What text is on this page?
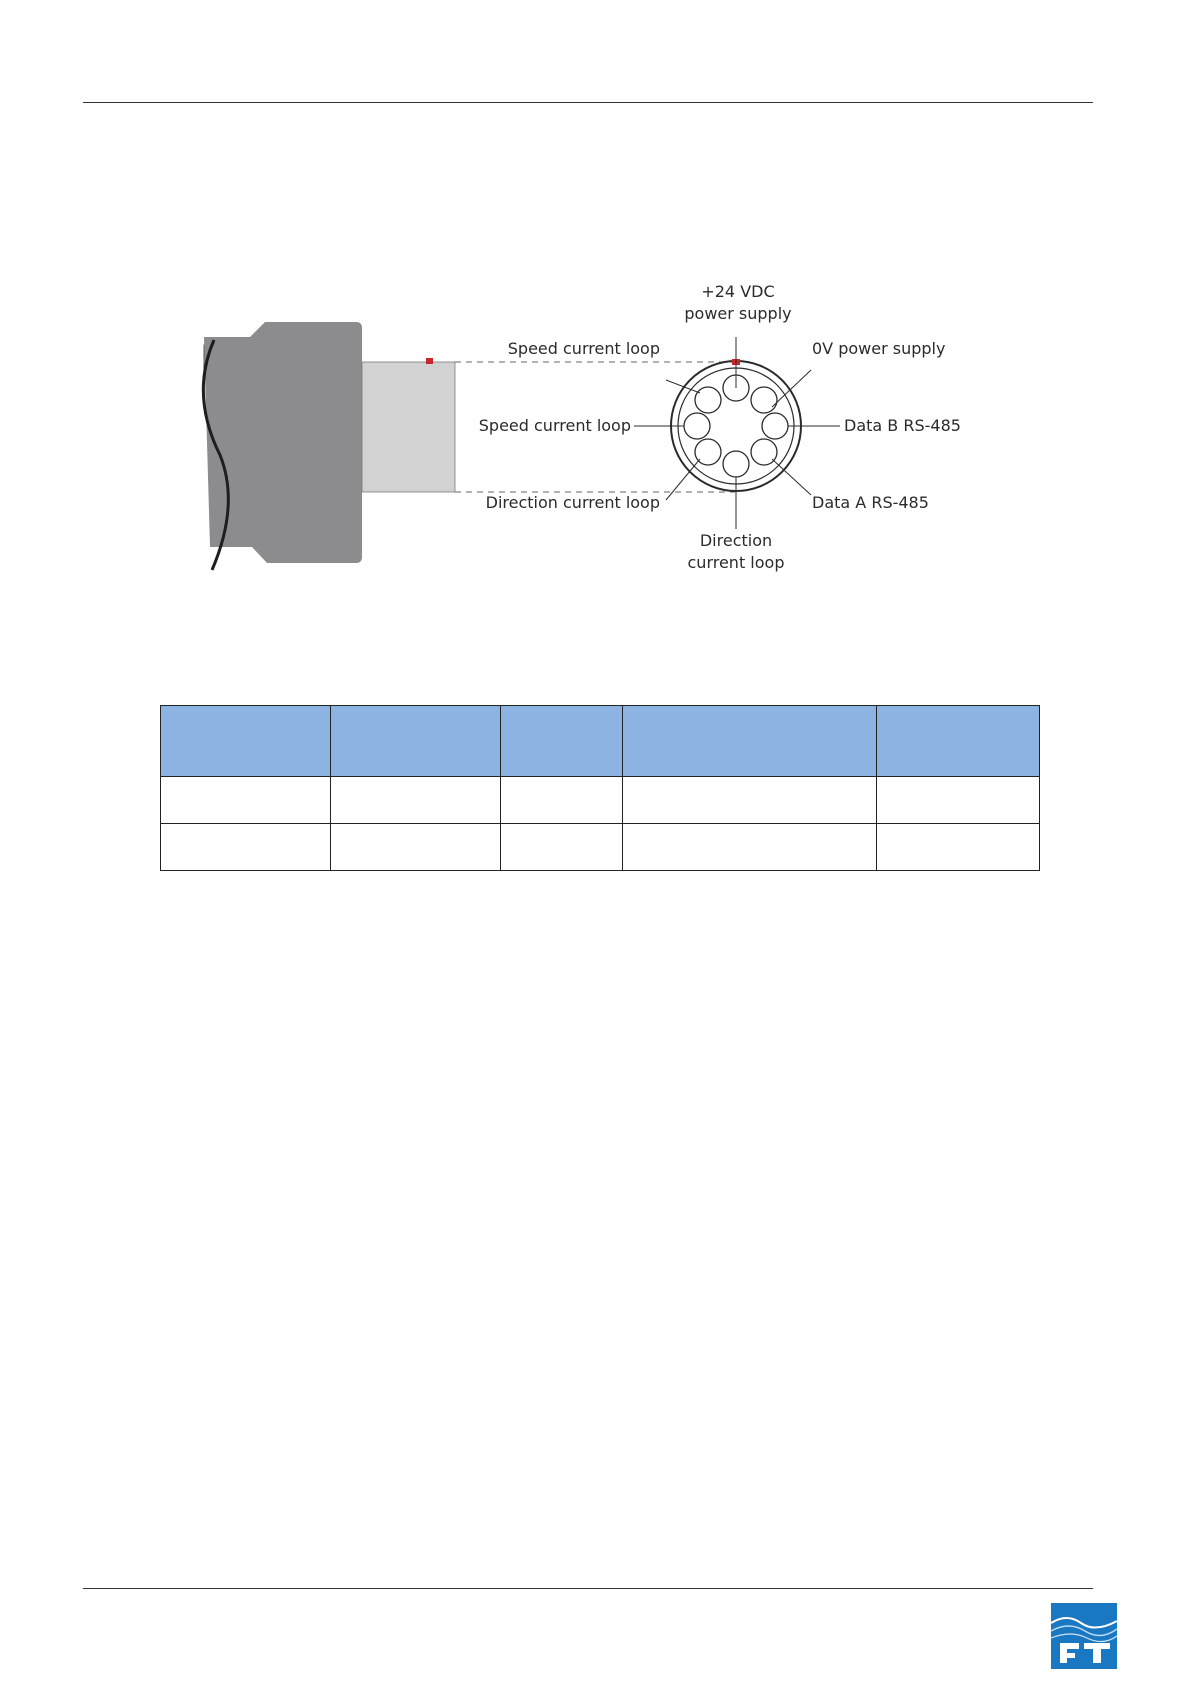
+24 VDC
power supply
Speed current loop	0V power supply
Speed current loop	Data B RS-485
Direction current loop	Data A RS-485
Direction
current loop
